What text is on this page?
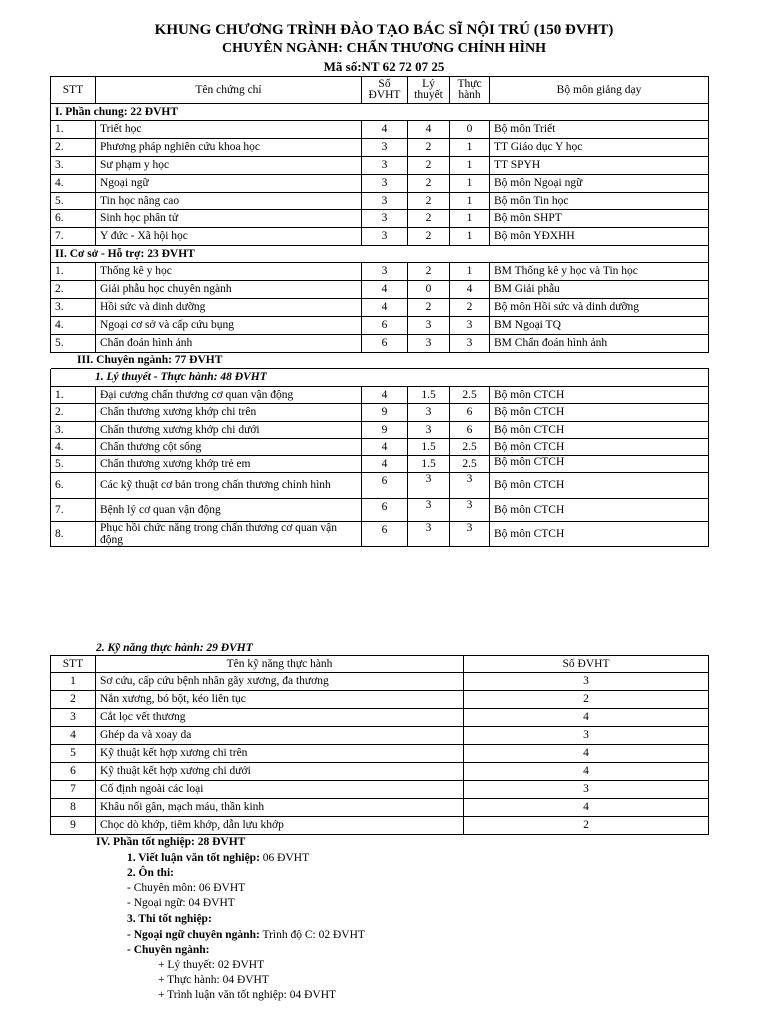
KHUNG CHƯƠNG TRÌNH ĐÀO TẠO BÁC SĨ NỘI TRÚ (150 ĐVHT)
CHUYÊN NGÀNH: CHẤN THƯƠNG CHỈNH HÌNH
Mã số:NT 62 72 07 25
STT	Tên chứng chỉ	Số ĐVHT	Lý thuyết	Thực hành	Bộ môn giảng dạy
I. Phần chung: 22 ĐVHT					
1.	Triết học	4	4	0	Bộ môn Triết
2.	Phương pháp nghiên cứu khoa học	3	2	1	TT Giáo dục Y học
3.	Sư phạm y học	3	2	1	TT SPYH
4.	Ngoại ngữ	3	2	1	Bộ môn Ngoại ngữ
5.	Tin học nâng cao	3	2	1	Bộ môn Tin học
6.	Sinh học phân tử	3	2	1	Bộ môn SHPT
7.	Y đức - Xã hội học	3	2	1	Bộ môn YĐXHH
II. Cơ sở - Hỗ trợ: 23 ĐVHT					
1.	Thống kê y học	3	2	1	BM Thống kê y học và Tin học
2.	Giải phẫu học chuyên ngành	4	0	4	BM Giải phẫu
3.	Hồi sức và dinh dưỡng	4	2	2	Bộ môn Hồi sức và dinh dưỡng
4.	Ngoại cơ sở và cấp cứu bụng	6	3	3	BM Ngoại TQ
5.	Chẩn đoán hình ảnh	6	3	3	BM Chẩn đoán hình ảnh
III. Chuyên ngành: 77 ĐVHT					
1. Lý thuyết - Thực hành: 48 ĐVHT					
1.	Đại cương chấn thương cơ quan vận động	4	1.5	2.5	Bộ môn CTCH
2.	Chấn thương xương khớp chi trên	9	3	6	Bộ môn CTCH
3.	Chấn thương xương khớp chi dưới	9	3	6	Bộ môn CTCH
4.	Chấn thương cột sống	4	1.5	2.5	Bộ môn CTCH
5.	Chấn thương xương khớp trẻ em	4	1.5	2.5	Bộ môn CTCH
6.	Các kỹ thuật cơ bản trong chấn thương chỉnh hình	6	3	3	Bộ môn CTCH
7.	Bệnh lý cơ quan vận động	6	3	3	Bộ môn CTCH
8.	Phục hồi chức năng trong chấn thương cơ quan vận động	6	3	3	Bộ môn CTCH
2. Kỹ năng thực hành: 29 ĐVHT
STT	Tên kỹ năng thực hành	Số ĐVHT
1	Sơ cứu, cấp cứu bệnh nhân gãy xương, đa thương	3
2	Nắn xương, bó bột, kéo liên tục	2
3	Cắt lọc vết thương	4
4	Ghép da và xoay da	3
5	Kỹ thuật kết hợp xương chi trên	4
6	Kỹ thuật kết hợp xương chi dưới	4
7	Cố định ngoài các loại	3
8	Khâu nối gân, mạch máu, thần kinh	4
9	Chọc dò khớp, tiêm khớp, dẫn lưu khớp	2
IV. Phần tốt nghiệp: 28 ĐVHT
1. Viết luận văn tốt nghiệp: 06 ĐVHT
2. Ôn thi:
- Chuyên môn: 06 ĐVHT
- Ngoại ngữ: 04 ĐVHT
3. Thi tốt nghiệp:
- Ngoại ngữ chuyên ngành: Trình độ C: 02 ĐVHT
- Chuyên ngành:
+ Lý thuyết: 02 ĐVHT
+ Thực hành: 04 ĐVHT
+ Trình luận văn tốt nghiệp: 04 ĐVHT
